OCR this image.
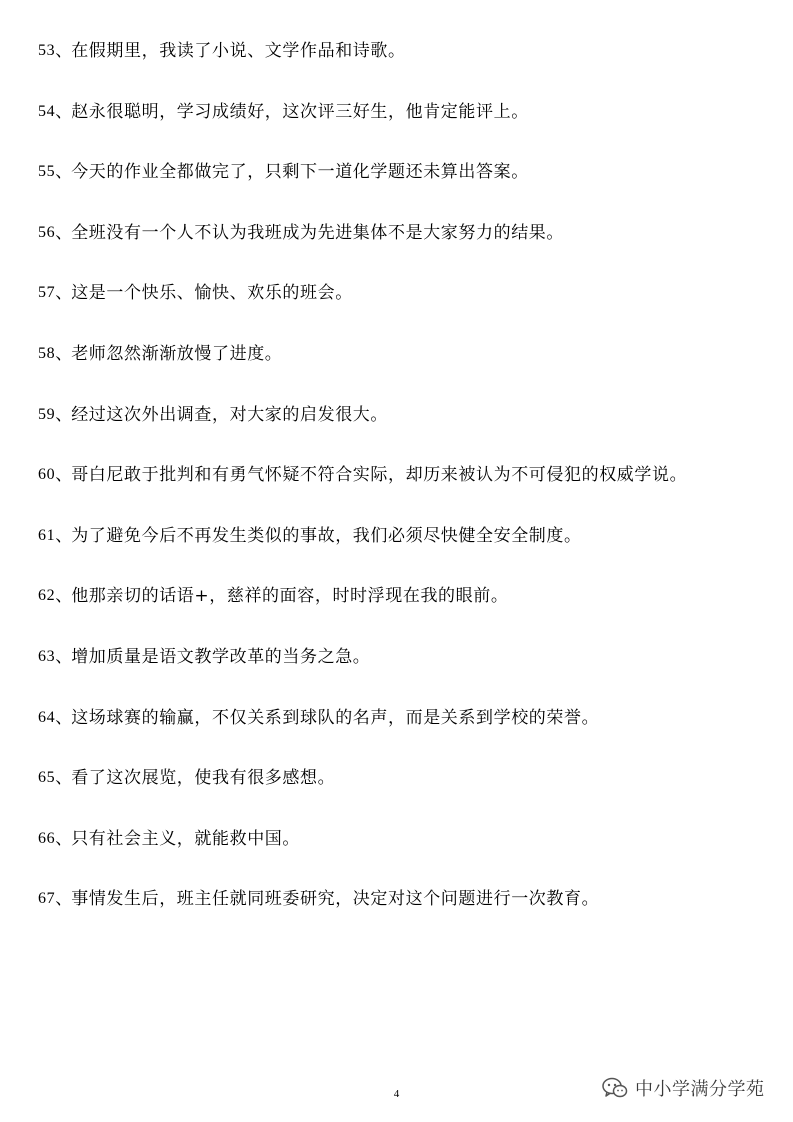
53 、
在假期里，我读了小说、文学作品和诗歌。
54 、
赵永很聪明，学习成绩好，这次评三好生，他肯定能评上。
55 、
今天的作业全都做完了，只剩下一道化学题还未算出答案。
56 、
全班没有一个人不认为我班成为先进集体不是大家努力的结果。
57 、
这是一个快乐、愉快、欢乐的班会。
58 、
老师忽然渐渐放慢了进度。
59 、
经过这次外出调查，对大家的启发很大。
60 、
哥白尼敢于批判和有勇气怀疑不符合实际，却历来被认为不可侵犯的权威学说。
61 、
为了避免今后不再发生类似的事故，我们必须尽快健全安全制度。
62 、
他那亲切的话语+，慈祥的面容，时时浮现在我的眼前。
63 、
增加质量是语文教学改革的当务之急。
64 、
这场球赛的输赢，不仅关系到球队的名声，而是关系到学校的荣誉。
65 、
看了这次展览，使我有很多感想。
66 、
只有社会主义，就能救中国。
67 、
事情发生后，班主任就同班委研究，决定对这个问题进行一次教育。
4	中小学满分学苑
